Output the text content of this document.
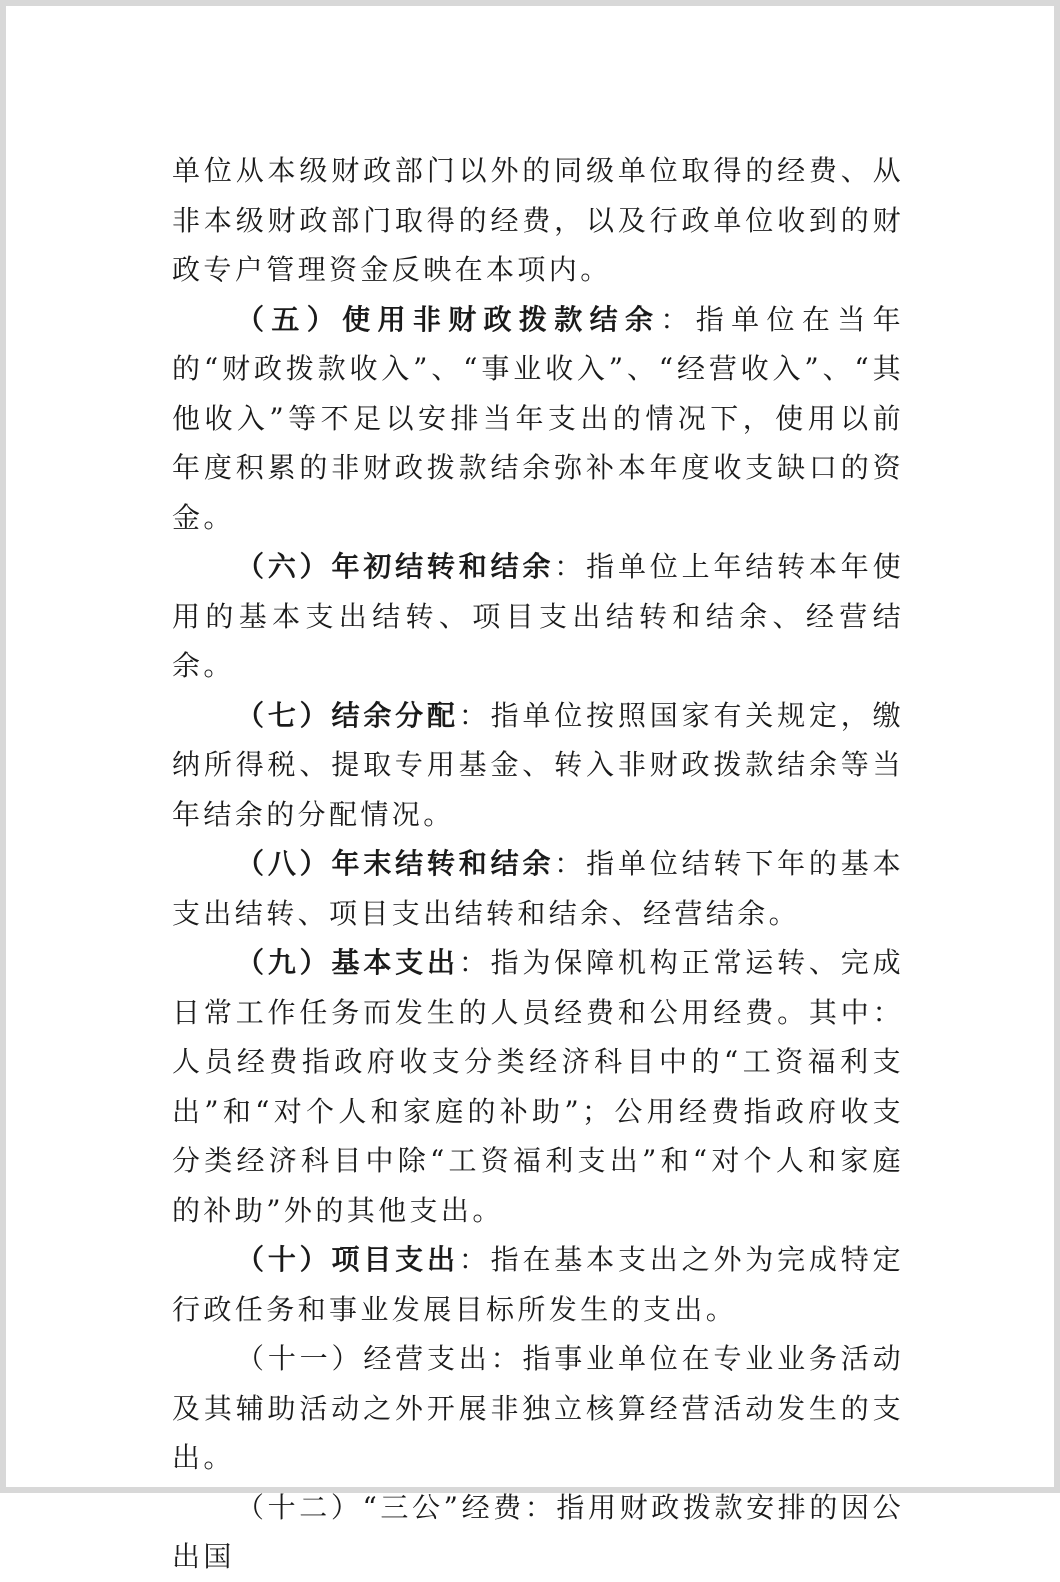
单位从本级财政部门以外的同级单位取得的经费、从非本级财政部门取得的经费，以及行政单位收到的财政专户管理资金反映在本项内。

（五）使用非财政拨款结余：指单位在当年的“财政拨款收入”、“事业收入”、“经营收入”、“其他收入”等不足以安排当年支出的情况下，使用以前年度积累的非财政拨款结余弥补本年度收支缺口的资金。

（六）年初结转和结余：指单位上年结转本年使用的基本支出结转、项目支出结转和结余、经营结余。

（七）结余分配：指单位按照国家有关规定，缴纳所得税、提取专用基金、转入非财政拨款结余等当年结余的分配情况。

（八）年末结转和结余：指单位结转下年的基本支出结转、项目支出结转和结余、经营结余。

（九）基本支出：指为保障机构正常运转、完成日常工作任务而发生的人员经费和公用经费。其中：人员经费指政府收支分类经济科目中的“工资福利支出”和“对个人和家庭的补助”；公用经费指政府收支分类经济科目中除“工资福利支出”和“对个人和家庭的补助”外的其他支出。

（十）项目支出：指在基本支出之外为完成特定行政任务和事业发展目标所发生的支出。

（十一）经营支出：指事业单位在专业业务活动及其辅助活动之外开展非独立核算经营活动发生的支出。

（十二）“三公”经费：指用财政拨款安排的因公出国
